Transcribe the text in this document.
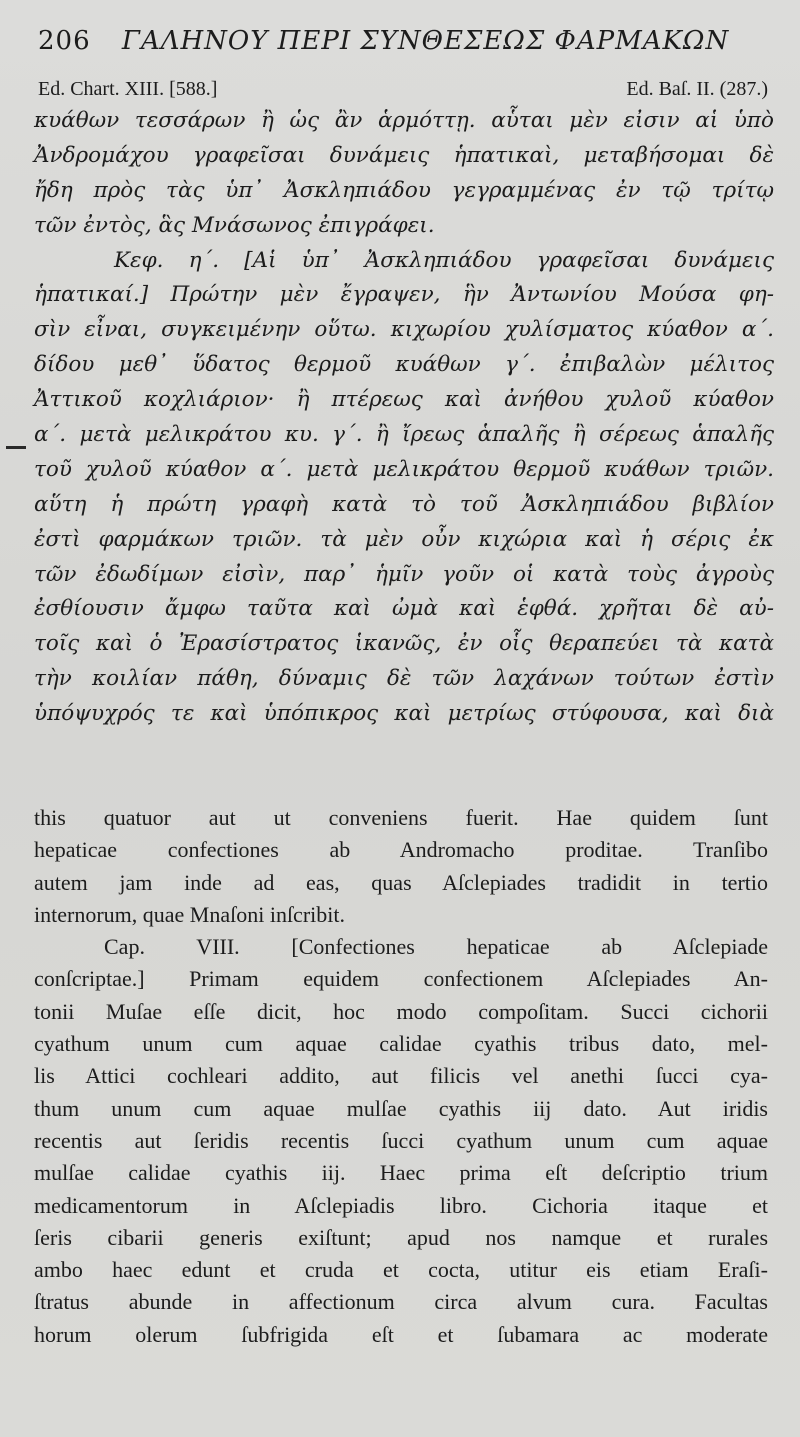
206 ΓΑΛΗΝΟΥ ΠΕΡΙ ΣΥΝΘΕΣΕΩΣ ΦΑΡΜΑΚΩΝ
Ed. Chart. XIII. [588.]	Ed. Baſ. II. (287.)
κυάθων τεσσάρων ἢ ὡς ἂν ἁρμόττῃ. αὗται μὲν εἰσιν αἱ ὑπὸ
Ἀνδρομάχου γραφεῖσαι δυνάμεις ἡπατικαὶ, μεταβήσομαι δὲ
ἤδη πρὸς τὰς ὑπ᾽ Ἀσκληπιάδου γεγραμμένας ἐν τῷ τρίτῳ
τῶν ἐντὸς, ἃς Μνάσωνος ἐπιγράφει.
Κεφ. η΄. [Αἱ ὑπ᾽ Ἀσκληπιάδου γραφεῖσαι δυνάμεις
ἡπατικαί.] Πρώτην μὲν ἔγραψεν, ἣν Ἀντωνίου Μούσα φη-
σὶν εἶναι, συγκειμένην οὕτω. κιχωρίου χυλίσματος κύαθον α΄.
δίδου μεθ᾽ ὕδατος θερμοῦ κυάθων γ΄. ἐπιβαλὼν μέλιτος
Ἀττικοῦ κοχλιάριον· ἢ πτέρεως καὶ ἀνήθου χυλοῦ κύαθον
α΄. μετὰ μελικράτου κυ. γ΄. ἢ ἴρεως ἁπαλῆς ἢ σέρεως ἁπαλῆς
τοῦ χυλοῦ κύαθον α΄. μετὰ μελικράτου θερμοῦ κυάθων τριῶν.
αὕτη ἡ πρώτη γραφὴ κατὰ τὸ τοῦ Ἀσκληπιάδου βιβλίον
ἐστὶ φαρμάκων τριῶν. τὰ μὲν οὖν κιχώρια καὶ ἡ σέρις ἐκ
τῶν ἐδωδίμων εἰσὶν, παρ᾽ ἡμῖν γοῦν οἱ κατὰ τοὺς ἀγροὺς
ἐσθίουσιν ἄμφω ταῦτα καὶ ὠμὰ καὶ ἑφθά. χρῆται δὲ αὐ-
τοῖς καὶ ὁ Ἐρασίστρατος ἱκανῶς, ἐν οἷς θεραπεύει τὰ κατὰ
τὴν κοιλίαν πάθη, δύναμις δὲ τῶν λαχάνων τούτων ἐστὶν
ὑπόψυχρός τε καὶ ὑπόπικρος καὶ μετρίως στύφουσα, καὶ διὰ
this quatuor aut ut conveniens fuerit. Hae quidem ſunt
hepaticae confectiones ab Andromacho proditae. Tranſibo
autem jam inde ad eas, quas Aſclepiades tradidit in tertio
internorum, quae Mnaſoni inſcribit.
Cap. VIII. [Confectiones hepaticae ab Aſclepiade
conſcriptae.] Primam equidem confectionem Aſclepiades An-
tonii Muſae eſſe dicit, hoc modo compoſitam. Succi cichorii
cyathum unum cum aquae calidae cyathis tribus dato, mel-
lis Attici cochleari addito, aut filicis vel anethi ſucci cya-
thum unum cum aquae mulſae cyathis iij dato. Aut iridis
recentis aut ſeridis recentis ſucci cyathum unum cum aquae
mulſae calidae cyathis iij. Haec prima eſt deſcriptio trium
medicamentorum in Aſclepiadis libro. Cichoria itaque et
ſeris cibarii generis exiſtunt; apud nos namque et rurales
ambo haec edunt et cruda et cocta, utitur eis etiam Eraſi-
ſtratus abunde in affectionum circa alvum cura. Facultas
horum olerum ſubfrigida eſt et ſubamara ac moderate
